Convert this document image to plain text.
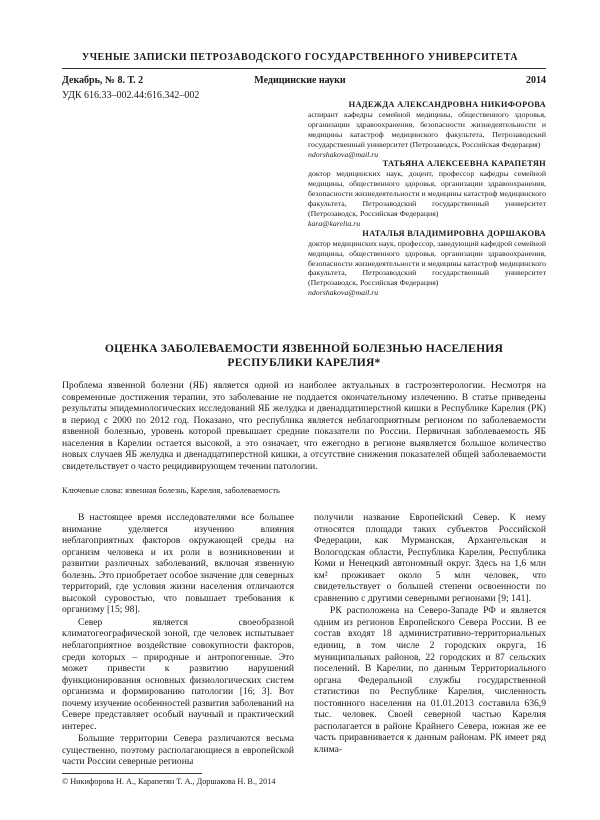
УЧЕНЫЕ ЗАПИСКИ ПЕТРОЗАВОДСКОГО ГОСУДАРСТВЕННОГО УНИВЕРСИТЕТА
Декабрь, № 8. Т. 2	Медицинские науки	2014
УДК 616.33–002.44:616.342–002
НАДЕЖДА АЛЕКСАНДРОВНА НИКИФОРОВА
аспирант кафедры семейной медицины, общественного здоровья, организации здравоохранения, безопасности жизнедеятельности и медицины катастроф медицинского факультета, Петрозаводский государственный университет (Петрозаводск, Российская Федерация)
ndorshakova@mail.ru
ТАТЬЯНА АЛЕКСЕЕВНА КАРАПЕТЯН
доктор медицинских наук, доцент, профессор кафедры семейной медицины, общественного здоровья, организации здравоохранения, безопасности жизнедеятельности и медицины катастроф медицинского факультета, Петрозаводский государственный университет (Петрозаводск, Российская Федерация)
kara@karelia.ru
НАТАЛЬЯ ВЛАДИМИРОВНА ДОРШАКОВА
доктор медицинских наук, профессор, заведующий кафедрой семейной медицины, общественного здоровья, организации здравоохранения, безопасности жизнедеятельности и медицины катастроф медицинского факультета, Петрозаводский государственный университет (Петрозаводск, Российская Федерация)
ndorshakova@mail.ru
ОЦЕНКА ЗАБОЛЕВАЕМОСТИ ЯЗВЕННОЙ БОЛЕЗНЬЮ НАСЕЛЕНИЯ
РЕСПУБЛИКИ КАРЕЛИЯ*

Проблема язвенной болезни (ЯБ) является одной из наиболее актуальных в гастроэнтерологии. Несмотря на современные достижения терапии, это заболевание не поддается окончательному излечению. В статье приведены результаты эпидемиологических исследований ЯБ желудка и двенадцатиперстной кишки в Республике Карелия (РК) в период с 2000 по 2012 год. Показано, что республика является неблагоприятным регионом по заболеваемости язвенной болезнью, уровень которой превышает средние показатели по России. Первичная заболеваемость ЯБ населения в Карелии остается высокой, а это означает, что ежегодно в регионе выявляется большое количество новых случаев ЯБ желудка и двенадцатиперстной кишки, а отсутствие снижения показателей общей заболеваемости свидетельствует о часто рецидивирующем течении патологии.

Ключевые слова: язвенная болезнь, Карелия, заболеваемость

В настоящее время исследователями все большее внимание уделяется изучению влияния неблагоприятных факторов окружающей среды на организм человека и их роли в возникновении и развитии различных заболеваний, включая язвенную болезнь. Это приобретает особое значение для северных территорий, где условия жизни населения отличаются высокой суровостью, что повышает требования к организму [15; 98].

Север является своеобразной климатогеографической зоной, где человек испытывает неблагоприятное воздействие совокупности факторов, среди которых – природные и антропогенные. Это может привести к развитию нарушений функционирования основных физиологических систем организма и формированию патологии [16; 3]. Вот почему изучение особенностей развития заболеваний на Севере представляет особый научный и практический интерес.

Большие территории Севера различаются весьма существенно, поэтому располагающиеся в европейской части России северные регионы

получили название Европейский Север. К нему относятся площади таких субъектов Российской Федерации, как Мурманская, Архангельская и Вологодская области, Республика Карелия, Республика Коми и Ненецкий автономный округ. Здесь на 1,6 млн км² проживает около 5 млн человек, что свидетельствует о большей степени освоенности по сравнению с другими северными регионами [9; 141].

РК расположена на Северо-Западе РФ и является одним из регионов Европейского Севера России. В ее состав входят 18 административно-территориальных единиц, в том числе 2 городских округа, 16 муниципальных районов, 22 городских и 87 сельских поселений. В Карелии, по данным Территориального органа Федеральной службы государственной статистики по Республике Карелия, численность постоянного населения на 01.01.2013 составила 636,9 тыс. человек. Своей северной частью Карелия располагается в районе Крайнего Севера, южная же ее часть приравнивается к данным районам. РК имеет ряд клима-

© Никифорова Н. А., Карапетян Т. А., Доршакова Н. В., 2014
